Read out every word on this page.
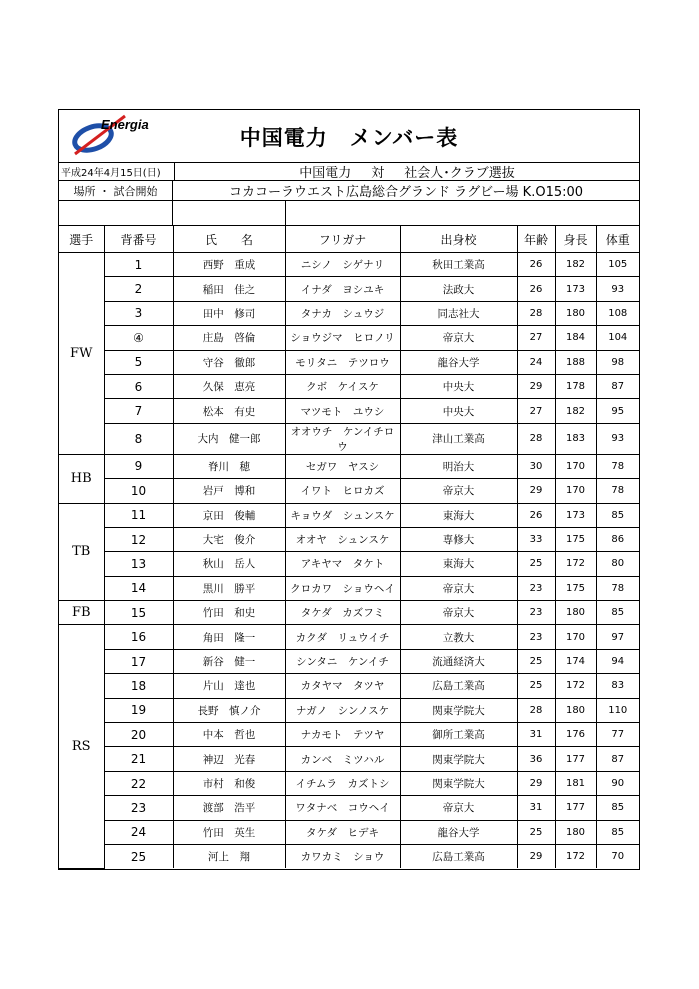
Energia
中国電力　メンバー表
平成24年4月15日(日)	中国電力 対 社会人･クラブ選抜
場所 ・ 試合開始	コカコーラウエスト広島総合グランド ラグビー場 K.O15:00
選手	背番号	氏　　名	フリガナ	出身校	年齢	身長	体重
FW	1	西野　重成	ニシノ　シゲナリ	秋田工業高	26	182	105
	2	稲田　佳之	イナダ　ヨシユキ	法政大	26	173	93
	3	田中　修司	タナカ　シュウジ	同志社大	28	180	108
	④	庄島　啓倫	ショウジマ　ヒロノリ	帝京大	27	184	104
	5	守谷　徹郎	モリタニ　テツロウ	龍谷大学	24	188	98
	6	久保　恵亮	クボ　ケイスケ	中央大	29	178	87
	7	松本　有史	マツモト　ユウシ	中央大	27	182	95
	8	大内　健一郎	オオウチ　ケンイチロウ	津山工業高	28	183	93
HB	9	脊川　穂	セガワ　ヤスシ	明治大	30	170	78
	10	岩戸　博和	イワト　ヒロカズ	帝京大	29	170	78
TB	11	京田　俊輔	キョウダ　シュンスケ	東海大	26	173	85
	12	大宅　俊介	オオヤ　シュンスケ	専修大	33	175	86
	13	秋山　岳人	アキヤマ　タケト	東海大	25	172	80
	14	黒川　勝平	クロカワ　ショウヘイ	帝京大	23	175	78
FB	15	竹田　和史	タケダ　カズフミ	帝京大	23	180	85
RS	16	角田　隆一	カクダ　リュウイチ	立教大	23	170	97
	17	新谷　健一	シンタニ　ケンイチ	流通経済大	25	174	94
	18	片山　達也	カタヤマ　タツヤ	広島工業高	25	172	83
	19	長野　慎ノ介	ナガノ　シンノスケ	関東学院大	28	180	110
	20	中本　哲也	ナカモト　テツヤ	御所工業高	31	176	77
	21	神辺　光春	カンベ　ミツハル	関東学院大	36	177	87
	22	市村　和俊	イチムラ　カズトシ	関東学院大	29	181	90
	23	渡部　浩平	ワタナベ　コウヘイ	帝京大	31	177	85
	24	竹田　英生	タケダ　ヒデキ	龍谷大学	25	180	85
	25	河上　翔	カワカミ　ショウ	広島工業高	29	172	70
